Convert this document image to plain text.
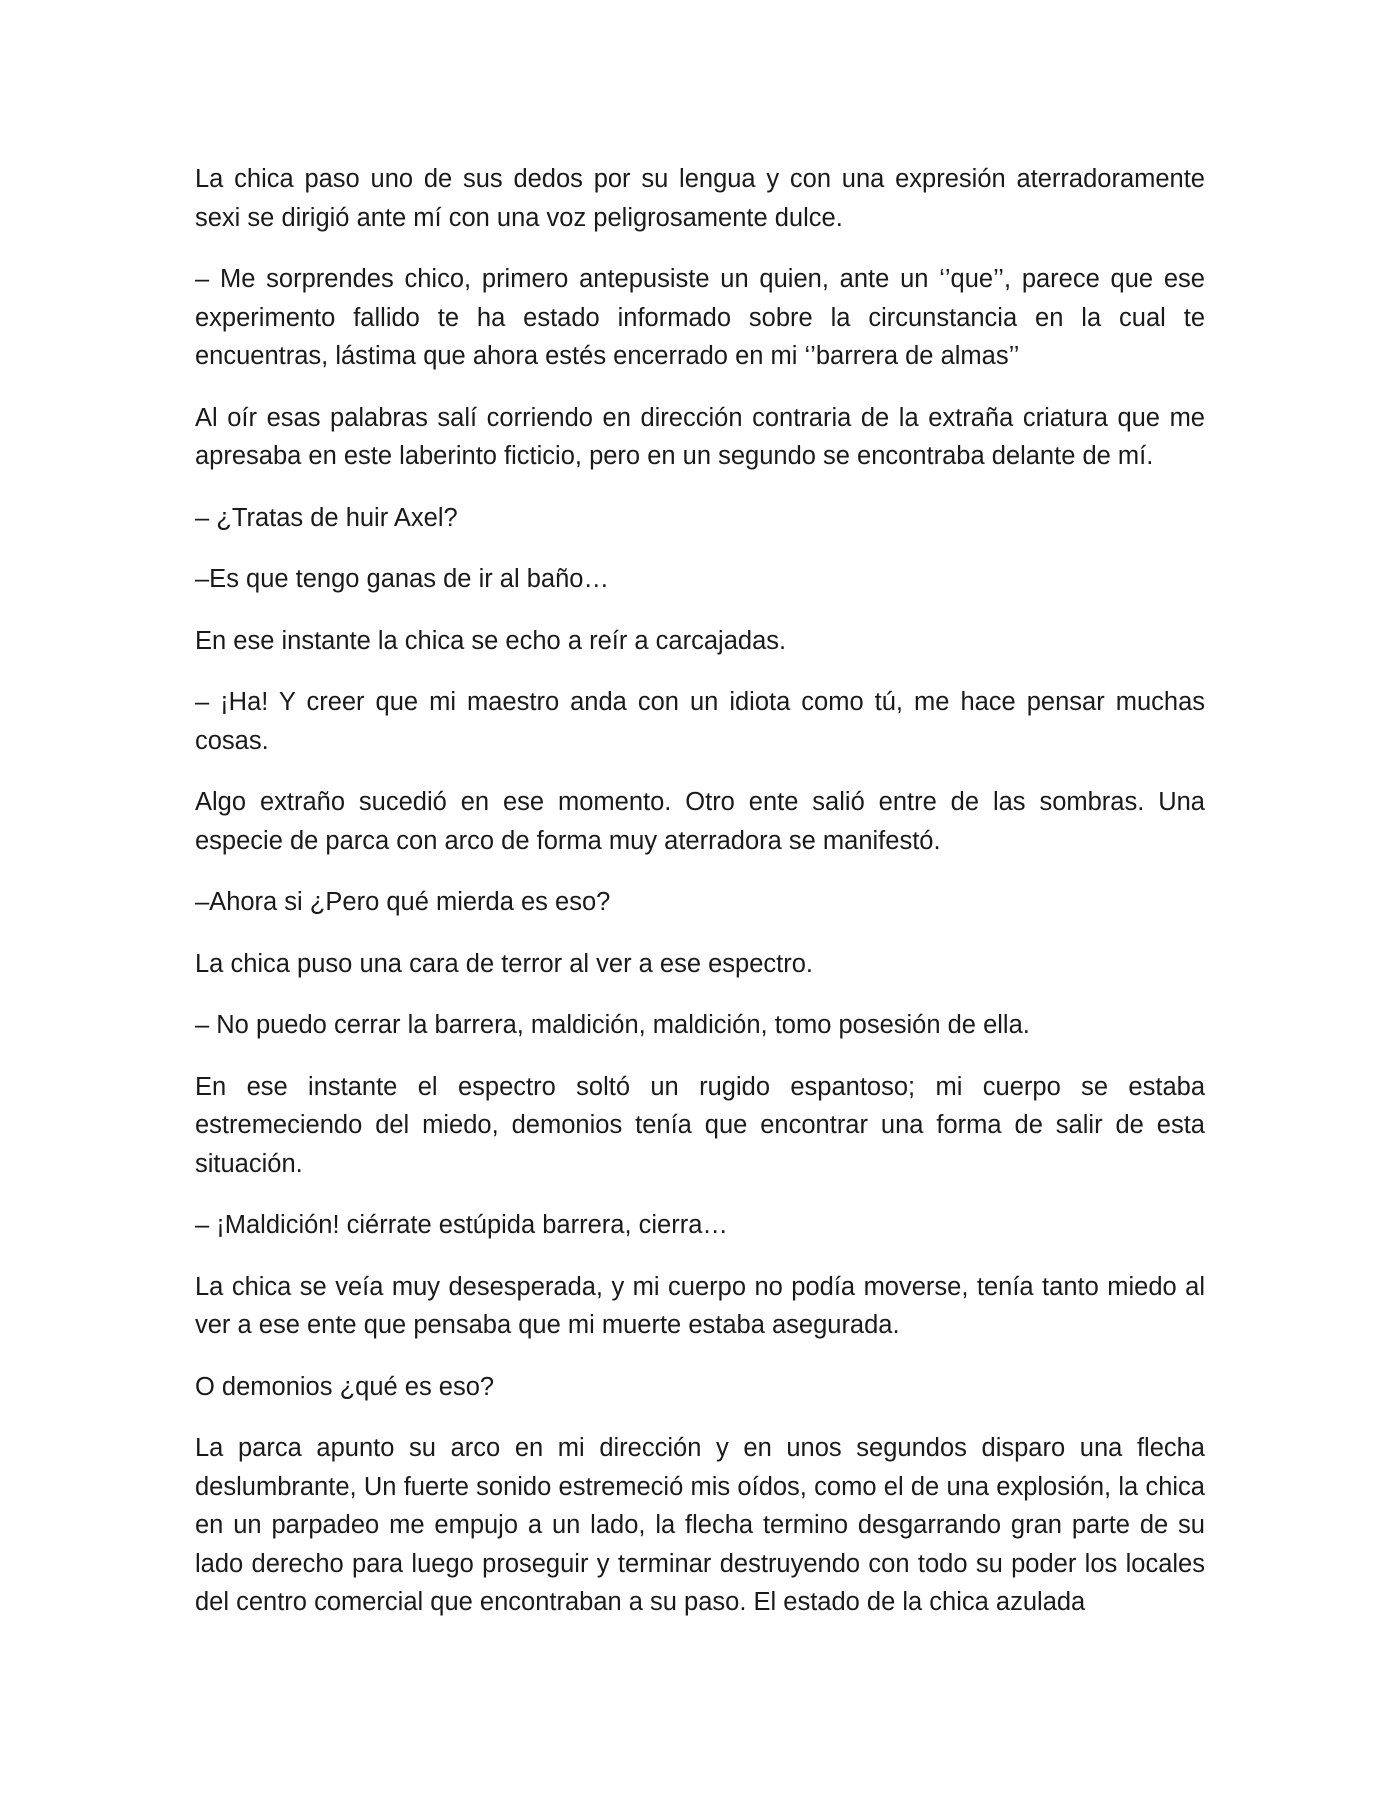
La chica paso uno de sus dedos por su lengua y con una expresión aterradoramente sexi se dirigió ante mí con una voz peligrosamente dulce.

– Me sorprendes chico, primero antepusiste un quien, ante un ‘’que’’, parece que ese experimento fallido te ha estado informado sobre la circunstancia en la cual te encuentras, lástima que ahora estés encerrado en mi ‘’barrera de almas’’

Al oír esas palabras salí corriendo en dirección contraria de la extraña criatura que me apresaba en este laberinto ficticio, pero en un segundo se encontraba delante de mí.

– ¿Tratas de huir Axel?

–Es que tengo ganas de ir al baño…

En ese instante la chica se echo a reír a carcajadas.

– ¡Ha! Y creer que mi maestro anda con un idiota como tú, me hace pensar muchas cosas.

Algo extraño sucedió en ese momento. Otro ente salió entre de las sombras. Una especie de parca con arco de forma muy aterradora se manifestó.

–Ahora si ¿Pero qué mierda es eso?

La chica puso una cara de terror al ver a ese espectro.

– No puedo cerrar la barrera, maldición, maldición, tomo posesión de ella.

En ese instante el espectro soltó un rugido espantoso; mi cuerpo se estaba estremeciendo del miedo, demonios tenía que encontrar una forma de salir de esta situación.

– ¡Maldición! ciérrate estúpida barrera, cierra…

La chica se veía muy desesperada, y mi cuerpo no podía moverse, tenía tanto miedo al ver a ese ente que pensaba que mi muerte estaba asegurada.

O demonios ¿qué es eso?

La parca apunto su arco en mi dirección y en unos segundos disparo una flecha deslumbrante, Un fuerte sonido estremeció mis oídos, como el de una explosión, la chica en un parpadeo me empujo a un lado, la flecha termino desgarrando gran parte de su lado derecho para luego proseguir y terminar destruyendo con todo su poder los locales del centro comercial que encontraban a su paso. El estado de la chica azulada
